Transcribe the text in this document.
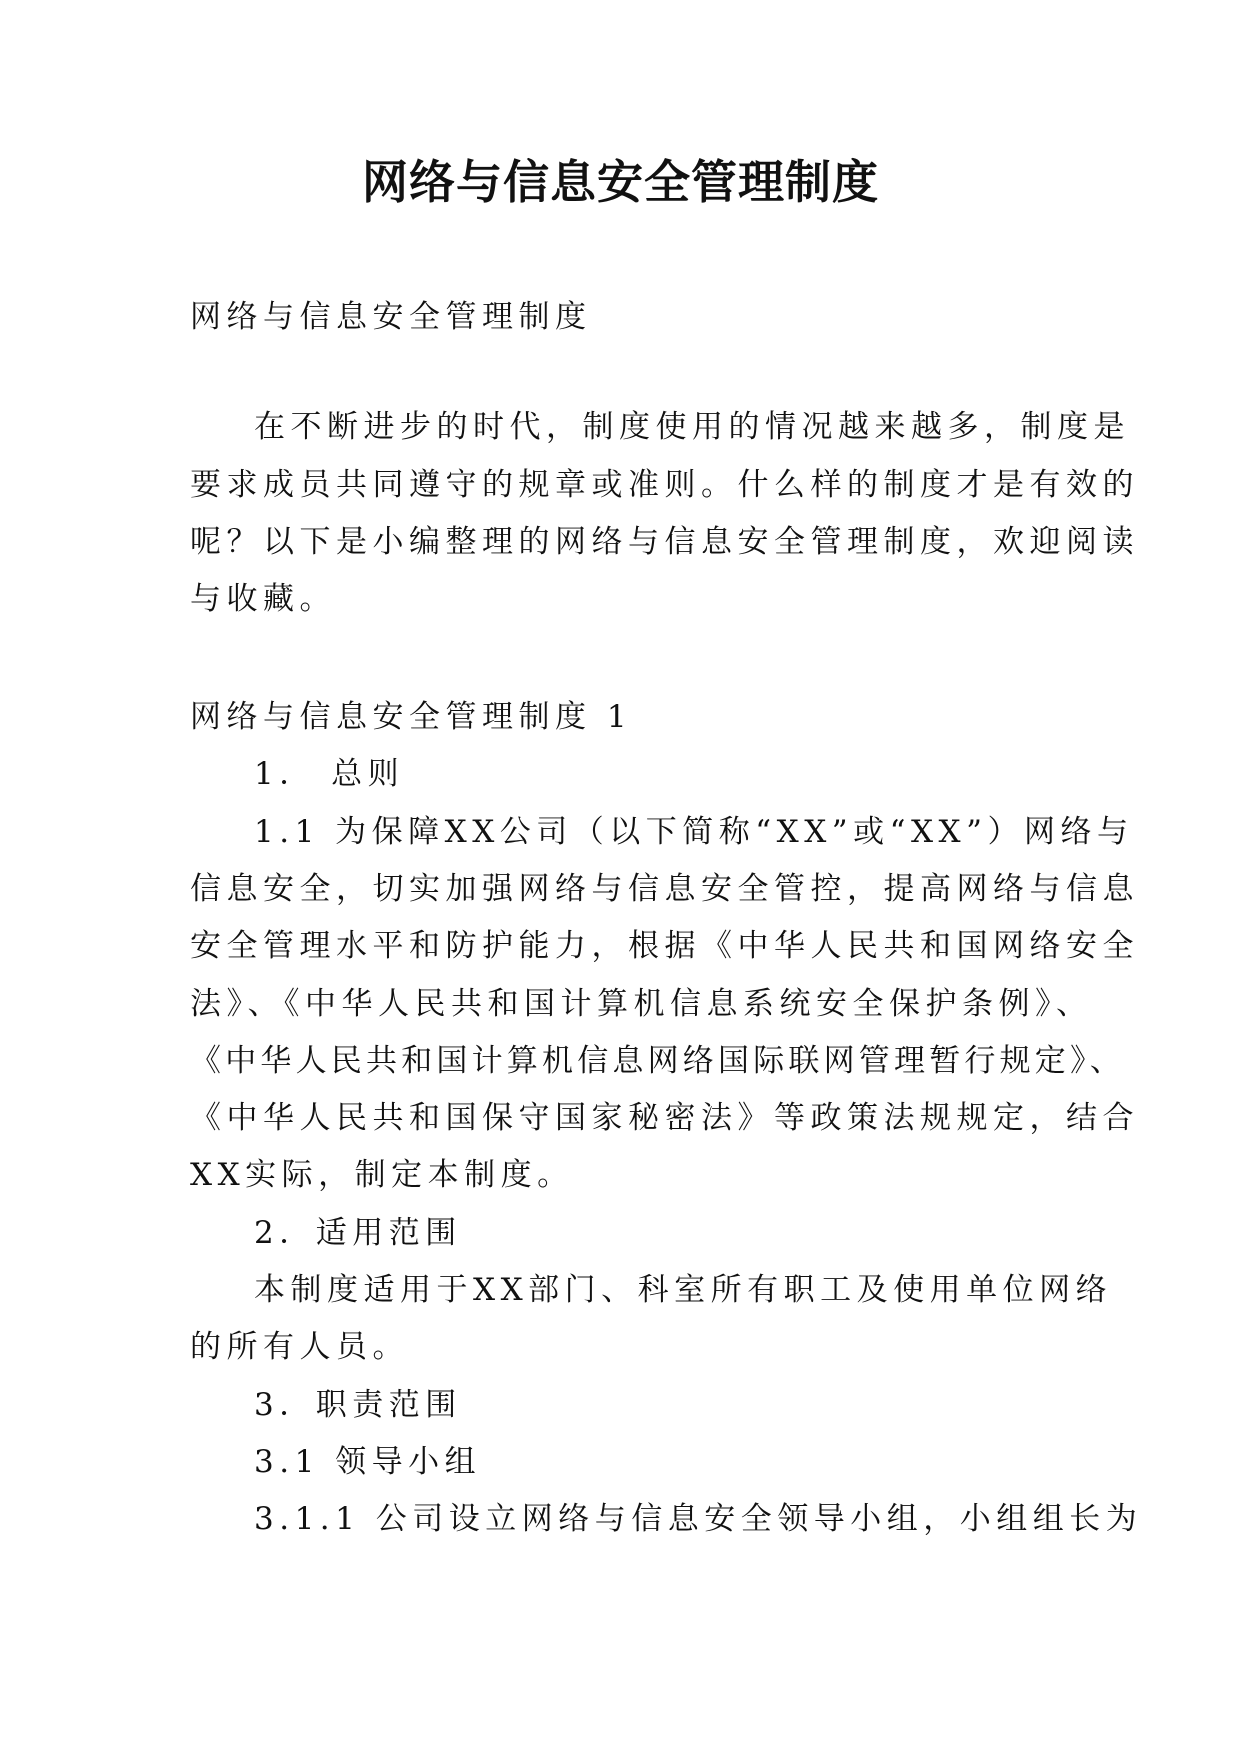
网络与信息安全管理制度
网络与信息安全管理制度
在不断进步的时代，制度使用的情况越来越多，制度是
要求成员共同遵守的规章或准则。什么样的制度才是有效的
呢？以下是小编整理的网络与信息安全管理制度，欢迎阅读
与收藏。
网络与信息安全管理制度 1
1． 总则
1.1 为保障XX公司（以下简称“XX”或“XX”）网络与
信息安全，切实加强网络与信息安全管控，提高网络与信息
安全管理水平和防护能力，根据《中华人民共和国网络安全
法》、《中华人民共和国计算机信息系统安全保护条例》、
《中华人民共和国计算机信息网络国际联网管理暂行规定》、
《中华人民共和国保守国家秘密法》等政策法规规定，结合
XX实际，制定本制度。
2．适用范围
本制度适用于XX部门、科室所有职工及使用单位网络
的所有人员。
3．职责范围
3.1 领导小组
3.1.1 公司设立网络与信息安全领导小组，小组组长为
